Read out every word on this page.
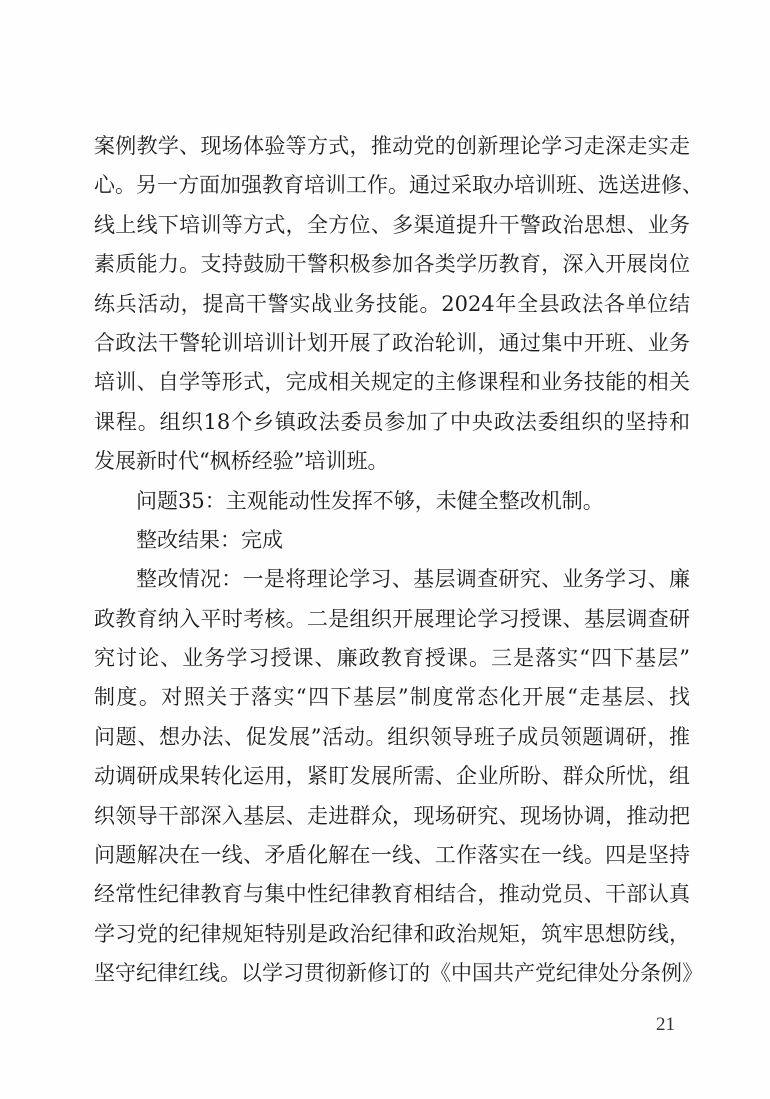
案例教学、现场体验等方式，推动党的创新理论学习走深走实走
心。另一方面加强教育培训工作。通过采取办培训班、选送进修、
线上线下培训等方式，全方位、多渠道提升干警政治思想、业务
素质能力。支持鼓励干警积极参加各类学历教育，深入开展岗位
练兵活动，提高干警实战业务技能。2024年全县政法各单位结
合政法干警轮训培训计划开展了政治轮训，通过集中开班、业务
培训、自学等形式，完成相关规定的主修课程和业务技能的相关
课程。组织18个乡镇政法委员参加了中央政法委组织的坚持和
发展新时代“枫桥经验”培训班。
问题35：主观能动性发挥不够，未健全整改机制。
整改结果：完成
整改情况：一是将理论学习、基层调查研究、业务学习、廉
政教育纳入平时考核。二是组织开展理论学习授课、基层调查研
究讨论、业务学习授课、廉政教育授课。三是落实“四下基层”
制度。对照关于落实“四下基层”制度常态化开展“走基层、找
问题、想办法、促发展”活动。组织领导班子成员领题调研，推
动调研成果转化运用，紧盯发展所需、企业所盼、群众所忧，组
织领导干部深入基层、走进群众，现场研究、现场协调，推动把
问题解决在一线、矛盾化解在一线、工作落实在一线。四是坚持
经常性纪律教育与集中性纪律教育相结合，推动党员、干部认真
学习党的纪律规矩特别是政治纪律和政治规矩，筑牢思想防线，
坚守纪律红线。以学习贯彻新修订的《中国共产党纪律处分条例》
21
